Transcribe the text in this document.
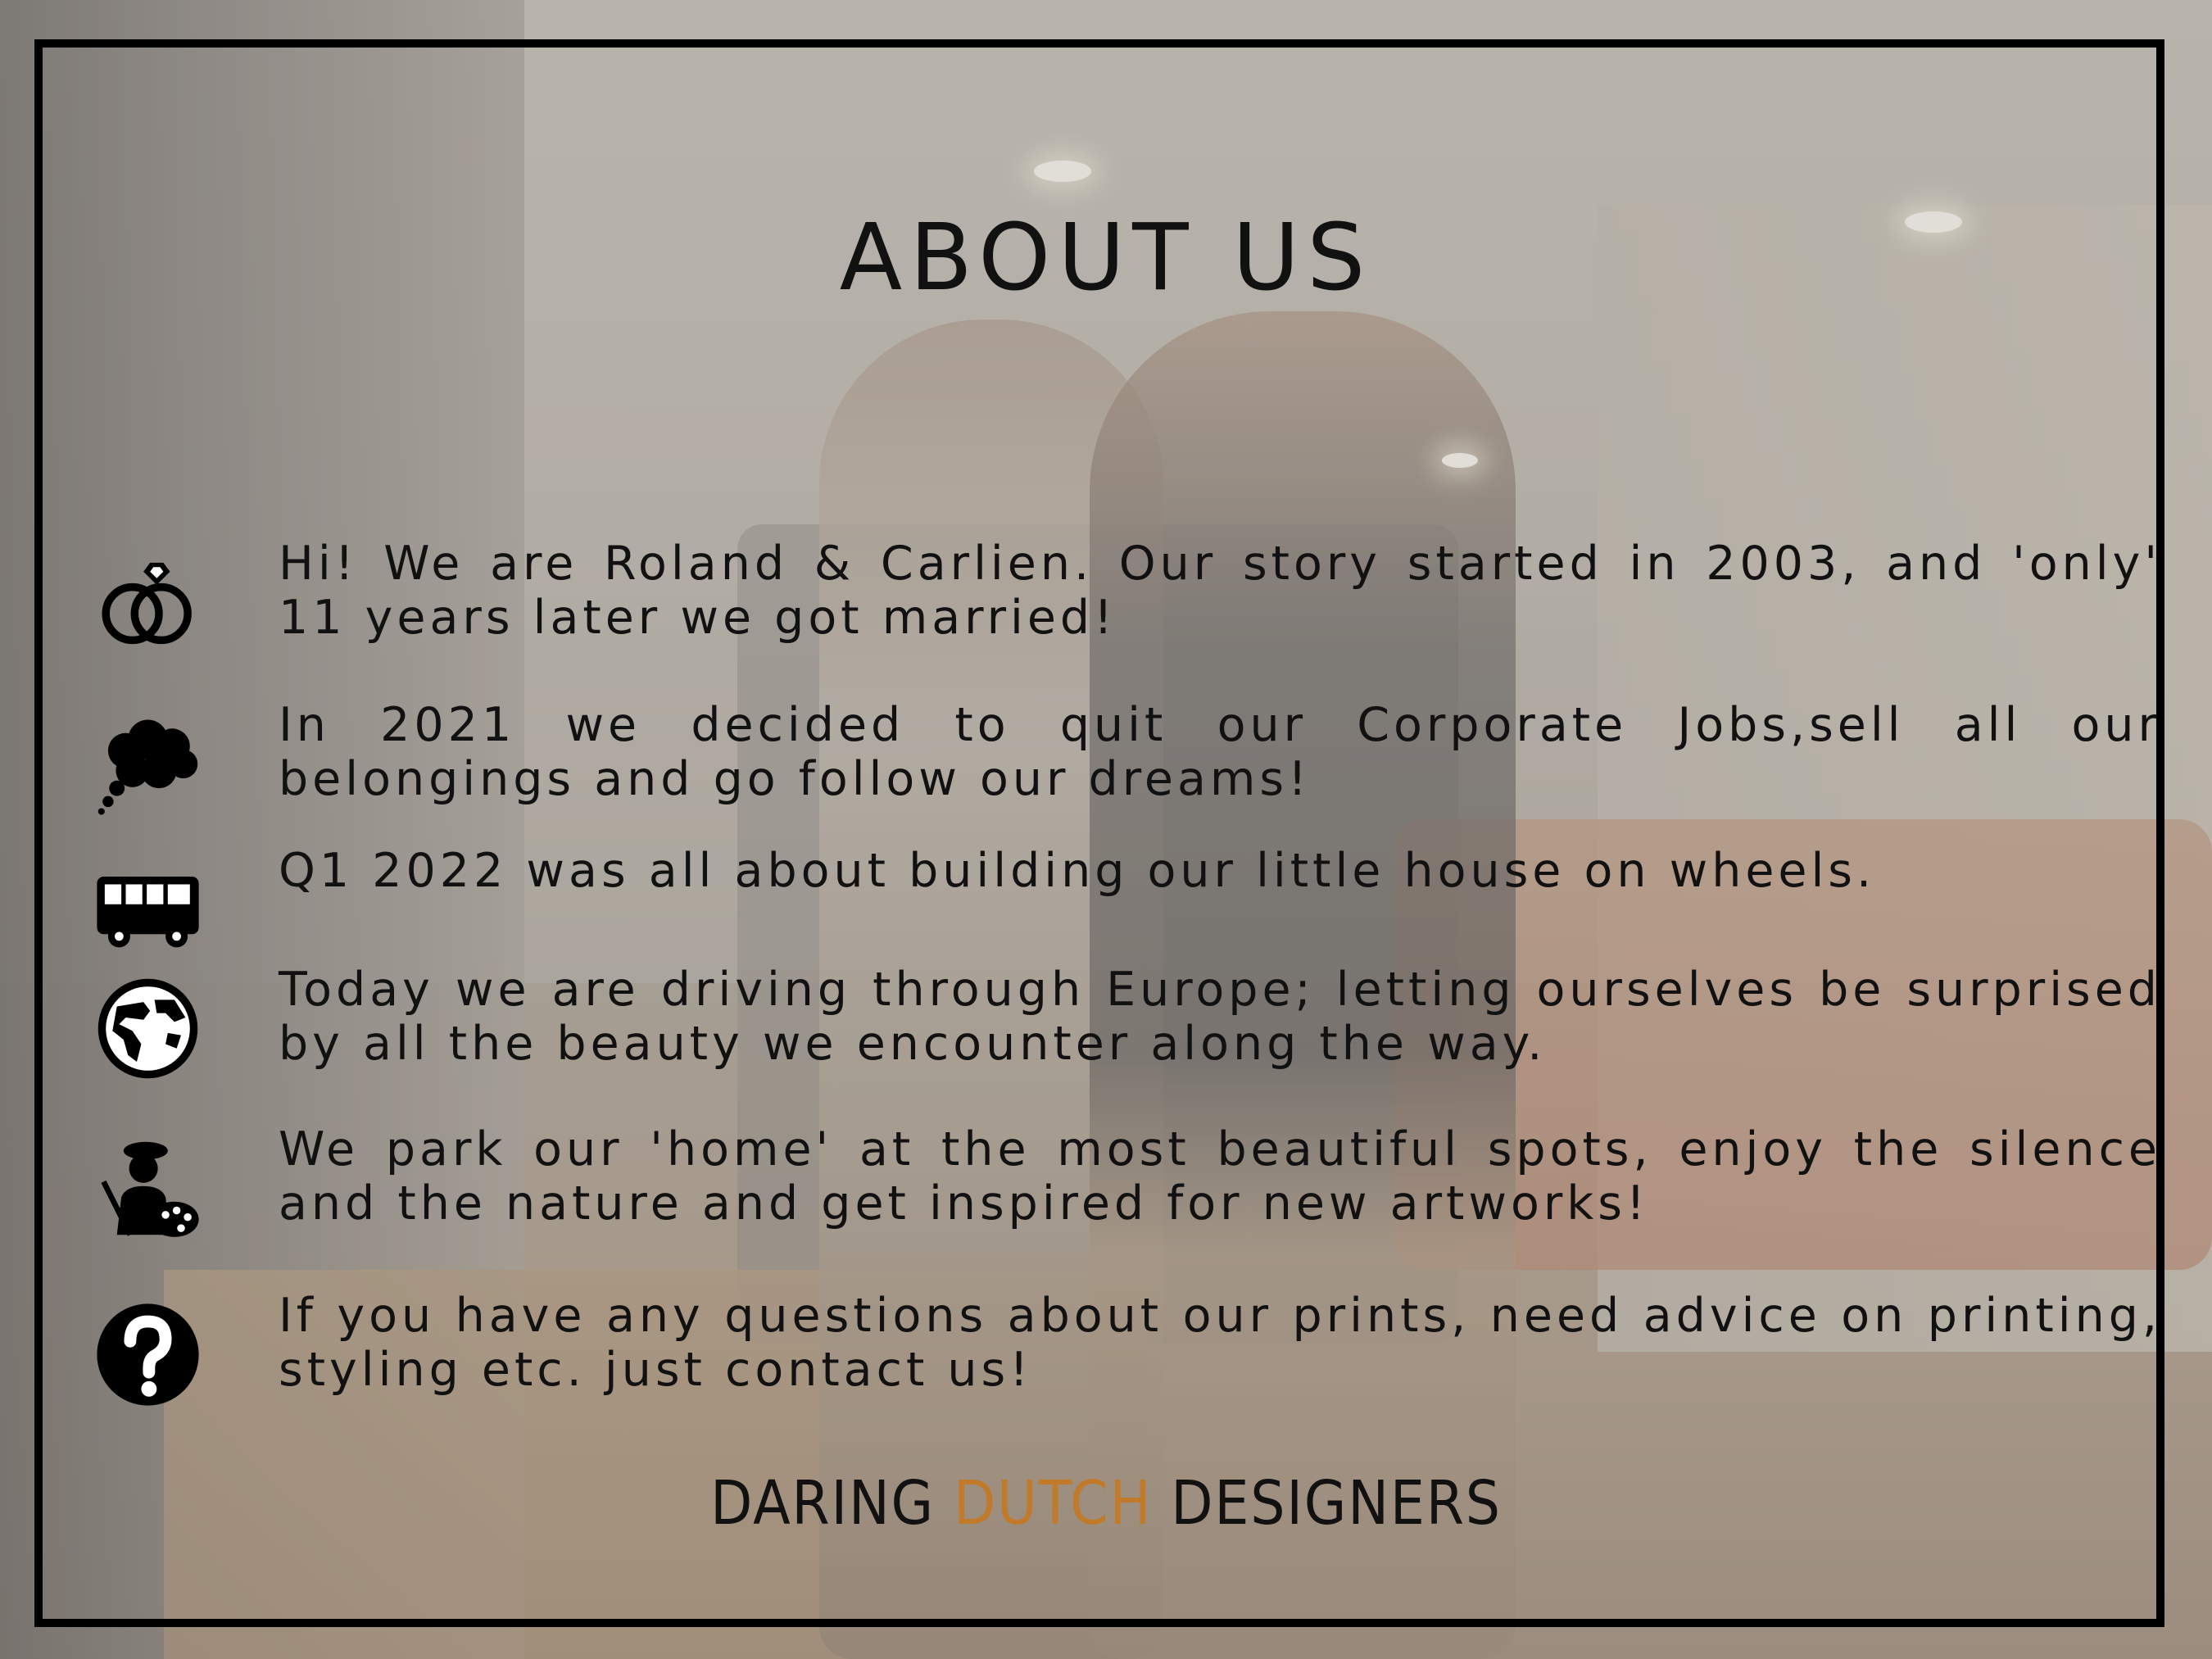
ABOUT US
Hi! We are Roland & Carlien. Our story started in 2003, and 'only' 11 years later we got married!
In 2021 we decided to quit our Corporate Jobs,sell all our belongings and go follow our dreams!
Q1 2022 was all about building our little house on wheels.
Today we are driving through Europe; letting ourselves be surprised by all the beauty we encounter along the way.
We park our 'home' at the most beautiful spots, enjoy the silence and the nature and get inspired for new artworks!
If you have any questions about our prints, need advice on printing, styling etc. just contact us!
DARING DUTCH DESIGNERS
